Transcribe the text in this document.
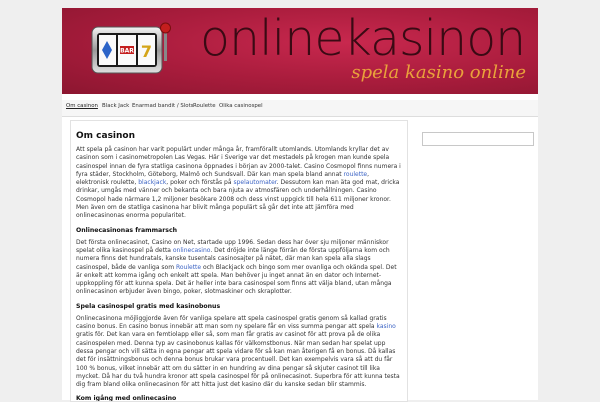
BAR 7 onlinekasinon
spela kasino online
Om casinon Black Jack Enarmad bandit / Slots Roulette Olika casinospel
Om casinon

Att spela på casinon har varit populärt under många år, framförallt utomlands. Utomlands kryllar det av casinon som i casinometropolen Las Vegas. Här i Sverige var det mestadels på krogen man kunde spela casinospel innan de fyra statliga casinona öppnades i början av 2000-talet. Casino Cosmopol finns numera i fyra städer, Stockholm, Göteborg, Malmö och Sundsvall. Där kan man spela bland annat roulette, elektronisk roulette, blackjack, poker och förstås på spelautomater. Dessutom kan man äta god mat, dricka drinkar, umgås med vänner och bekanta och bara njuta av atmosfären och underhållningen. Casino Cosmopol hade närmare 1,2 miljoner besökare 2008 och dess vinst uppgick till hela 611 miljoner kronor. Men även om de statliga casinona har blivit många populärt så går det inte att jämföra med onlinecasinonas enorma popularitet.

Onlinecasinonas frammarsch

Det första onlinecasinot, Casino on Net, startade upp 1996. Sedan dess har över sju miljoner människor spelat olika kasinospel på detta onlinecasino. Det dröjde inte länge förrän de första uppföljarna kom och numera finns det hundratals, kanske tusentals casinosajter på nätet, där man kan spela alla slags casinospel, både de vanliga som Roulette och Blackjack och bingo som mer ovanliga och okända spel. Det är enkelt att komma igång och enkelt att spela. Man behöver ju inget annat än en dator och Internet-uppkoppling för att kunna spela. Det är heller inte bara casinospel som finns att välja bland, utan många onlinecasinon erbjuder även bingo, poker, slotmaskiner och skraplotter.

Spela casinospel gratis med kasinobonus

Onlinecasinona möjliggjorde även för vanliga spelare att spela casinospel gratis genom så kallad gratis casino bonus. En casino bonus innebär att man som ny spelare får en viss summa pengar att spela kasino gratis för. Det kan vara en femtiolapp eller så, som man får gratis av casinot för att prova på de olika casinospelen med. Denna typ av casinobonus kallas för välkomstbonus. När man sedan har spelat upp dessa pengar och vill sätta in egna pengar att spela vidare för så kan man återigen få en bonus. Då kallas det för insättningsbonus och denna bonus brukar vara procentuell. Det kan exempelvis vara så att du får 100 % bonus, vilket innebär att om du sätter in en hundring av dina pengar så skjuter casinot till lika mycket. Då har du två hundra kronor att spela casinospel för på onlinecasinot. Superbra för att kunna testa dig fram bland olika onlinecasinon för att hitta just det kasino där du kanske sedan blir stammis.

Kom igång med onlinecasino
